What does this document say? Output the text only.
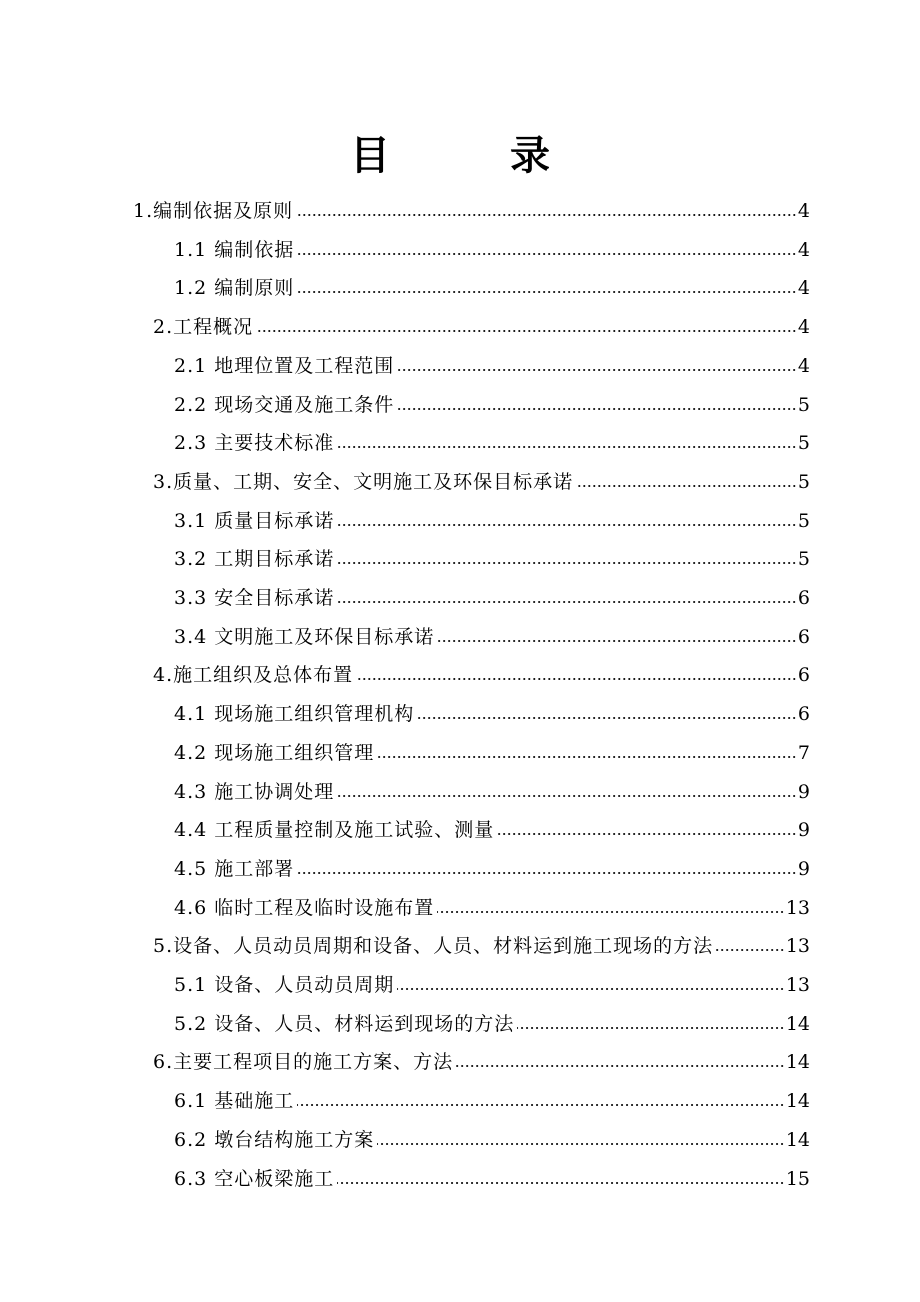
目　录
1.编制依据及原则	4
1.1 编制依据	4
1.2 编制原则	4
2.工程概况	4
2.1 地理位置及工程范围	4
2.2 现场交通及施工条件	5
2.3 主要技术标准	5
3.质量、工期、安全、文明施工及环保目标承诺	5
3.1 质量目标承诺	5
3.2 工期目标承诺	5
3.3 安全目标承诺	6
3.4 文明施工及环保目标承诺	6
4.施工组织及总体布置	6
4.1 现场施工组织管理机构	6
4.2 现场施工组织管理	7
4.3 施工协调处理	9
4.4 工程质量控制及施工试验、测量	9
4.5 施工部署	9
4.6 临时工程及临时设施布置	13
5.设备、人员动员周期和设备、人员、材料运到施工现场的方法	13
5.1 设备、人员动员周期	13
5.2 设备、人员、材料运到现场的方法	14
6.主要工程项目的施工方案、方法	14
6.1 基础施工	14
6.2 墩台结构施工方案	14
6.3 空心板梁施工	15
